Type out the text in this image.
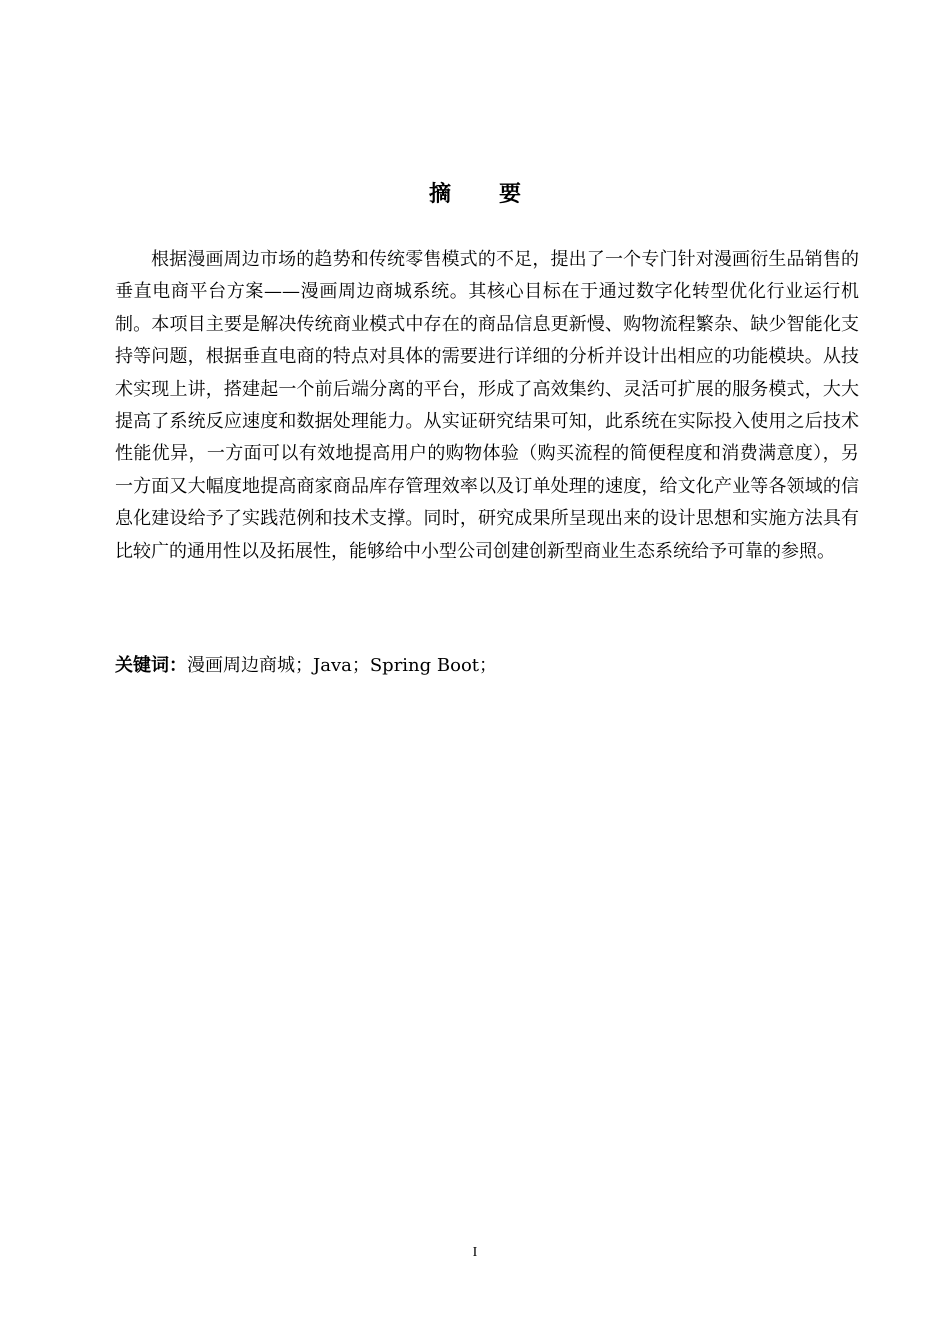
摘要

根据漫画周边市场的趋势和传统零售模式的不足，提出了一个专门针对漫画衍生品销售的垂直电商平台方案——漫画周边商城系统。其核心目标在于通过数字化转型优化行业运行机制。本项目主要是解决传统商业模式中存在的商品信息更新慢、购物流程繁杂、缺少智能化支持等问题，根据垂直电商的特点对具体的需要进行详细的分析并设计出相应的功能模块。从技术实现上讲，搭建起一个前后端分离的平台，形成了高效集约、灵活可扩展的服务模式，大大提高了系统反应速度和数据处理能力。从实证研究结果可知，此系统在实际投入使用之后技术性能优异，一方面可以有效地提高用户的购物体验（购买流程的简便程度和消费满意度），另一方面又大幅度地提高商家商品库存管理效率以及订单处理的速度，给文化产业等各领域的信息化建设给予了实践范例和技术支撑。同时，研究成果所呈现出来的设计思想和实施方法具有比较广的通用性以及拓展性，能够给中小型公司创建创新型商业生态系统给予可靠的参照。

关键词：漫画周边商城；Java；Spring Boot；

I
